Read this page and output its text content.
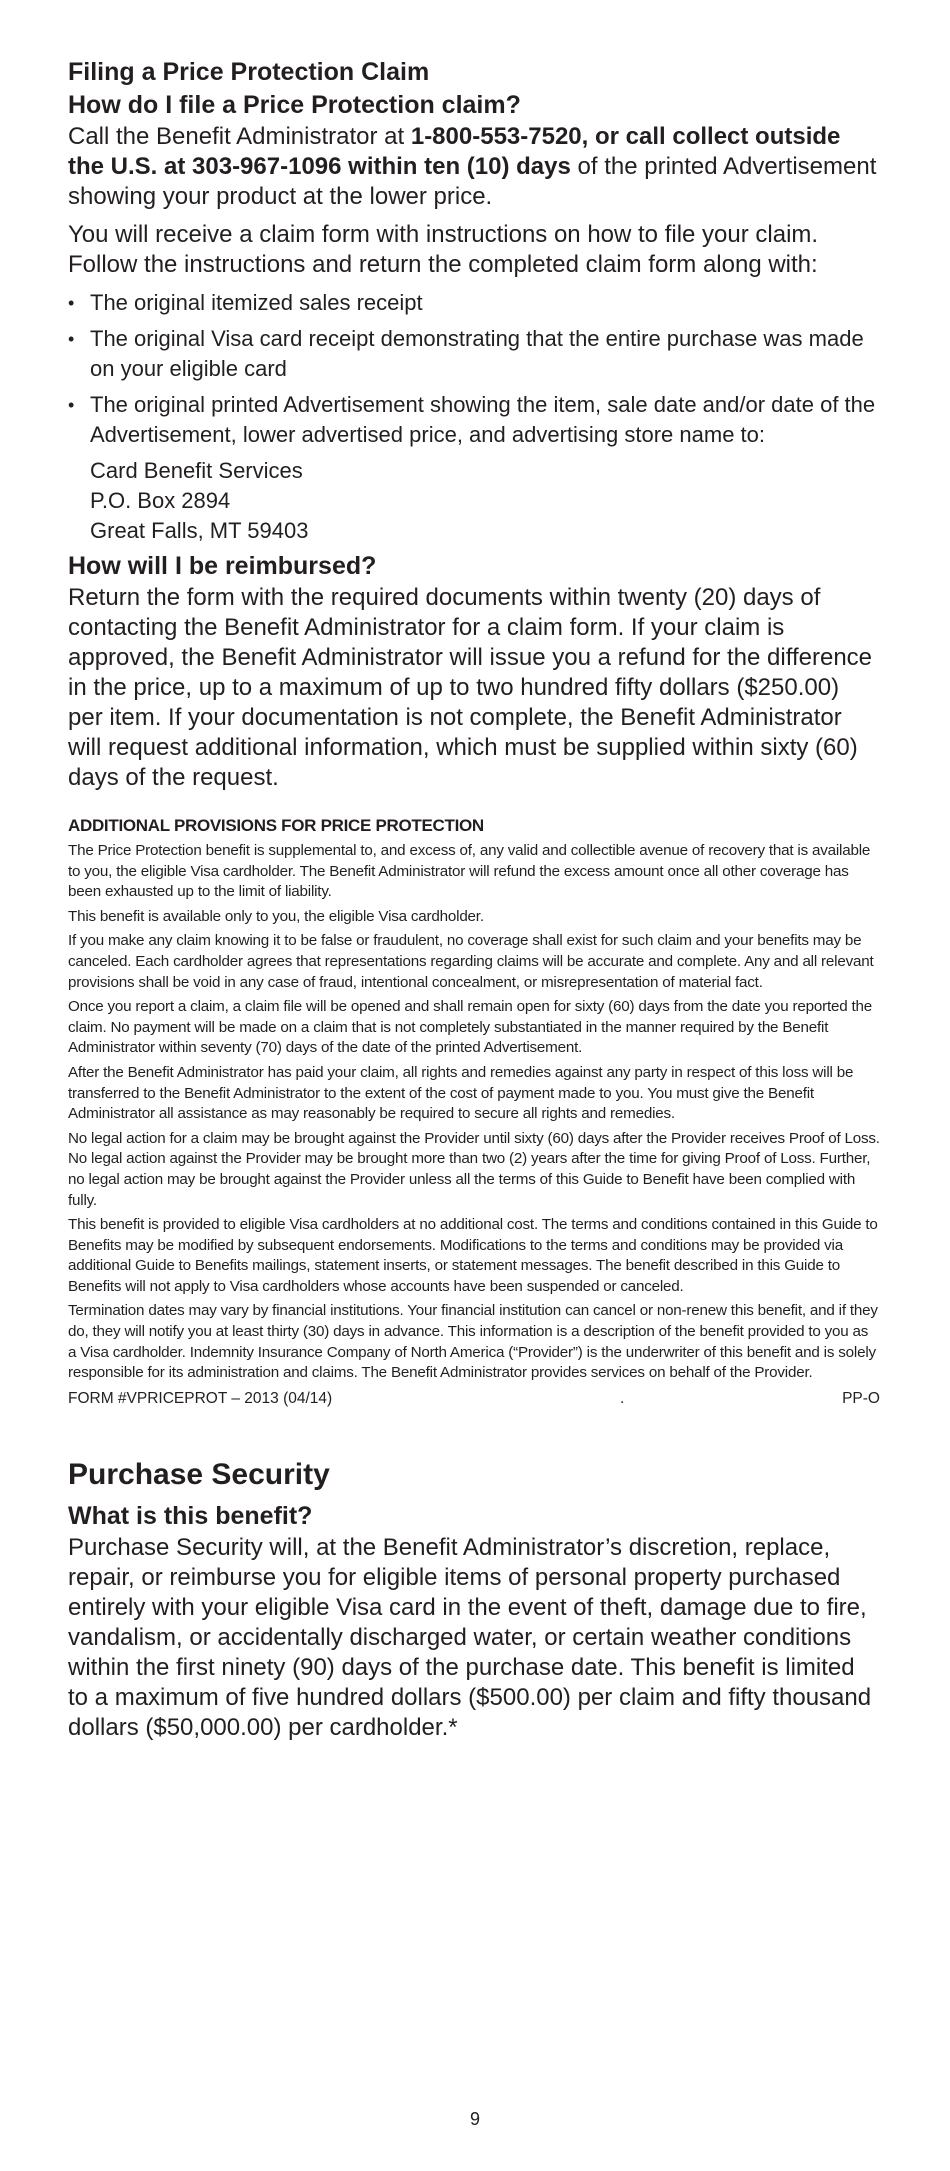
Filing a Price Protection Claim
How do I file a Price Protection claim?

Call the Benefit Administrator at 1-800-553-7520, or call collect outside the U.S. at 303-967-1096 within ten (10) days of the printed Advertisement showing your product at the lower price.

You will receive a claim form with instructions on how to file your claim. Follow the instructions and return the completed claim form along with:

• The original itemized sales receipt
• The original Visa card receipt demonstrating that the entire purchase was made on your eligible card
• The original printed Advertisement showing the item, sale date and/or date of the Advertisement, lower advertised price, and advertising store name to:
Card Benefit Services
P.O. Box 2894
Great Falls, MT 59403
How will I be reimbursed?

Return the form with the required documents within twenty (20) days of contacting the Benefit Administrator for a claim form. If your claim is approved, the Benefit Administrator will issue you a refund for the difference in the price, up to a maximum of up to two hundred fifty dollars ($250.00) per item. If your documentation is not complete, the Benefit Administrator will request additional information, which must be supplied within sixty (60) days of the request.

ADDITIONAL PROVISIONS FOR PRICE PROTECTION

The Price Protection benefit is supplemental to, and excess of, any valid and collectible avenue of recovery that is available to you, the eligible Visa cardholder. The Benefit Administrator will refund the excess amount once all other coverage has been exhausted up to the limit of liability.

This benefit is available only to you, the eligible Visa cardholder.

If you make any claim knowing it to be false or fraudulent, no coverage shall exist for such claim and your benefits may be canceled. Each cardholder agrees that representations regarding claims will be accurate and complete. Any and all relevant provisions shall be void in any case of fraud, intentional concealment, or misrepresentation of material fact.

Once you report a claim, a claim file will be opened and shall remain open for sixty (60) days from the date you reported the claim. No payment will be made on a claim that is not completely substantiated in the manner required by the Benefit Administrator within seventy (70) days of the date of the printed Advertisement.

After the Benefit Administrator has paid your claim, all rights and remedies against any party in respect of this loss will be transferred to the Benefit Administrator to the extent of the cost of payment made to you. You must give the Benefit Administrator all assistance as may reasonably be required to secure all rights and remedies.

No legal action for a claim may be brought against the Provider until sixty (60) days after the Provider receives Proof of Loss. No legal action against the Provider may be brought more than two (2) years after the time for giving Proof of Loss. Further, no legal action may be brought against the Provider unless all the terms of this Guide to Benefit have been complied with fully.

This benefit is provided to eligible Visa cardholders at no additional cost. The terms and conditions contained in this Guide to Benefits may be modified by subsequent endorsements. Modifications to the terms and conditions may be provided via additional Guide to Benefits mailings, statement inserts, or statement messages. The benefit described in this Guide to Benefits will not apply to Visa cardholders whose accounts have been suspended or canceled.

Termination dates may vary by financial institutions. Your financial institution can cancel or non-renew this benefit, and if they do, they will notify you at least thirty (30) days in advance. This information is a description of the benefit provided to you as a Visa cardholder. Indemnity Insurance Company of North America (“Provider”) is the underwriter of this benefit and is solely responsible for its administration and claims. The Benefit Administrator provides services on behalf of the Provider.

FORM #VPRICEPROT – 2013 (04/14)	.	PP-O
Purchase Security
What is this benefit?

Purchase Security will, at the Benefit Administrator’s discretion, replace, repair, or reimburse you for eligible items of personal property purchased entirely with your eligible Visa card in the event of theft, damage due to fire, vandalism, or accidentally discharged water, or certain weather conditions within the first ninety (90) days of the purchase date. This benefit is limited to a maximum of five hundred dollars ($500.00) per claim and fifty thousand dollars ($50,000.00) per cardholder.*

9
